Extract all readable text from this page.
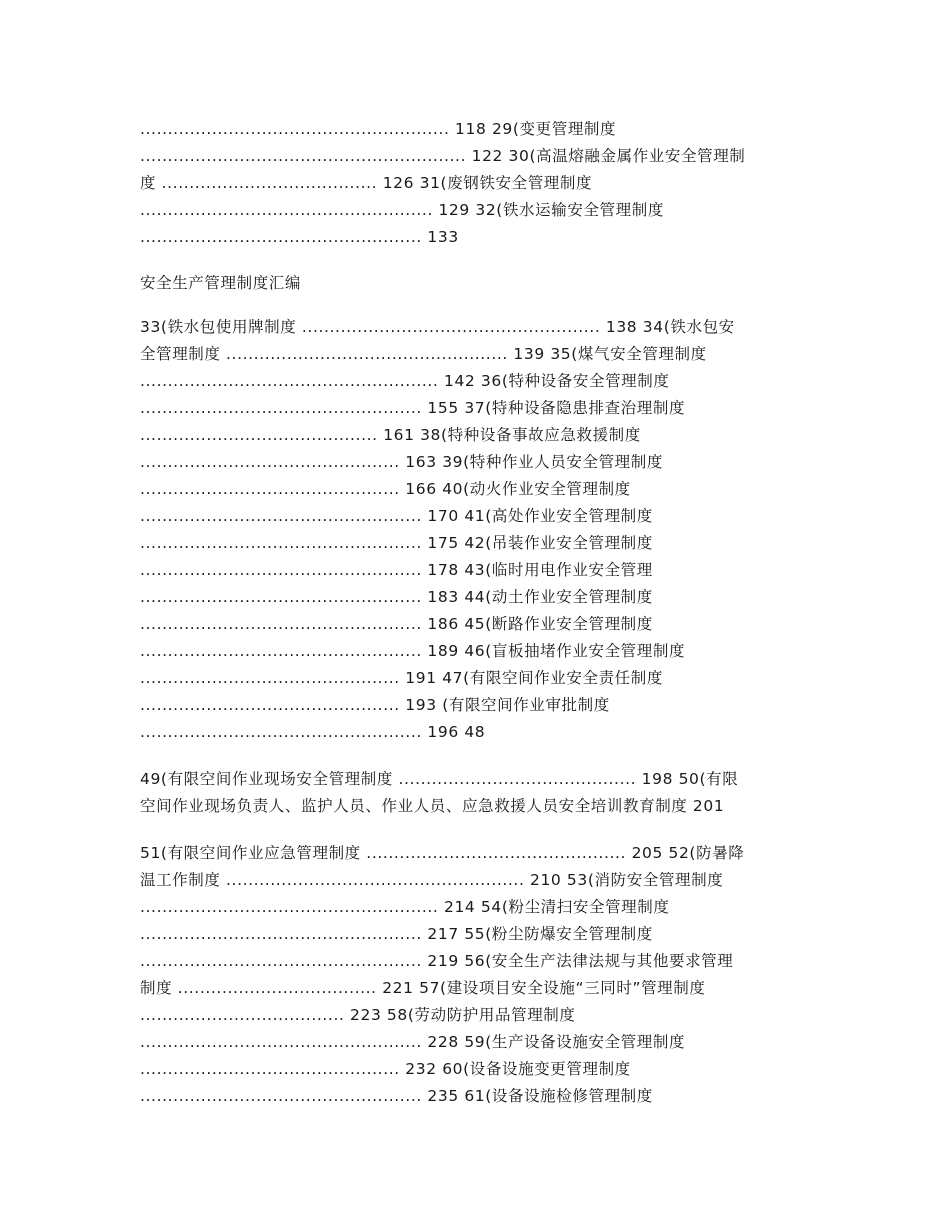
........................................................ 118 29(变更管理制度
........................................................... 122 30(高温熔融金属作业安全管理制
度 ....................................... 126 31(废钢铁安全管理制度
..................................................... 129 32(铁水运输安全管理制度
................................................... 133
安全生产管理制度汇编
33(铁水包使用牌制度 ...................................................... 138 34(铁水包安
全管理制度 ................................................... 139 35(煤气安全管理制度
...................................................... 142 36(特种设备安全管理制度
................................................... 155 37(特种设备隐患排查治理制度
........................................... 161 38(特种设备事故应急救援制度
............................................... 163 39(特种作业人员安全管理制度
............................................... 166 40(动火作业安全管理制度
................................................... 170 41(高处作业安全管理制度
................................................... 175 42(吊装作业安全管理制度
................................................... 178 43(临时用电作业安全管理
................................................... 183 44(动土作业安全管理制度
................................................... 186 45(断路作业安全管理制度
................................................... 189 46(盲板抽堵作业安全管理制度
............................................... 191 47(有限空间作业安全责任制度
............................................... 193 (有限空间作业审批制度
................................................... 196 48
49(有限空间作业现场安全管理制度 ........................................... 198 50(有限
空间作业现场负责人、监护人员、作业人员、应急救援人员安全培训教育制度 201
51(有限空间作业应急管理制度 ............................................... 205 52(防暑降
温工作制度 ...................................................... 210 53(消防安全管理制度
...................................................... 214 54(粉尘清扫安全管理制度
................................................... 217 55(粉尘防爆安全管理制度
................................................... 219 56(安全生产法律法规与其他要求管理
制度 .................................... 221 57(建设项目安全设施“三同时”管理制度
..................................... 223 58(劳动防护用品管理制度
................................................... 228 59(生产设备设施安全管理制度
............................................... 232 60(设备设施变更管理制度
................................................... 235 61(设备设施检修管理制度
